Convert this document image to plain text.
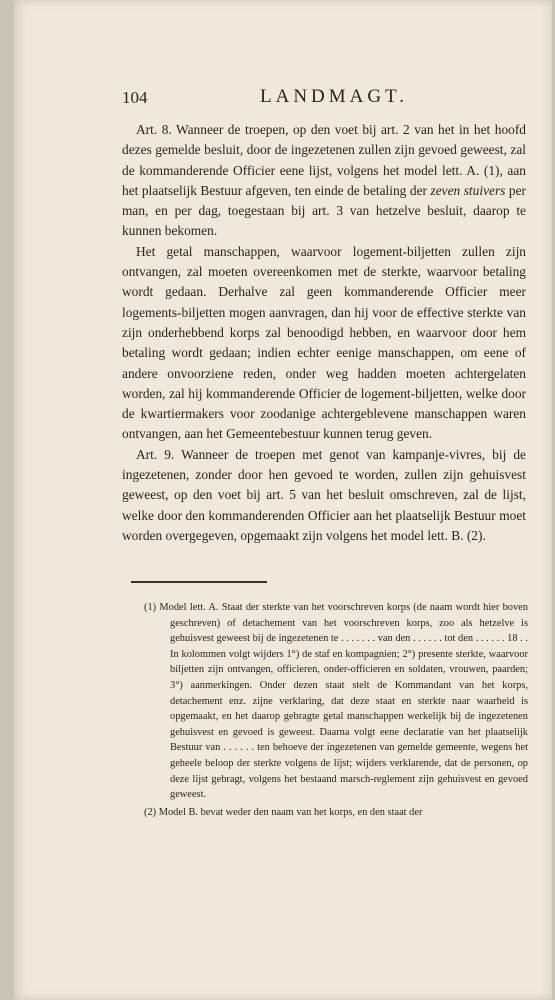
104	LANDMAGT.

Art. 8. Wanneer de troepen, op den voet bij art. 2 van het in het hoofd dezes gemelde besluit, door de ingezetenen zullen zijn gevoed geweest, zal de kommanderende Officier eene lijst, volgens het model lett. A. (1), aan het plaatselijk Bestuur afgeven, ten einde de betaling der zeven stuivers per man, en per dag, toegestaan bij art. 3 van hetzelve besluit, daarop te kunnen bekomen.

Het getal manschappen, waarvoor logement-biljetten zullen zijn ontvangen, zal moeten overeenkomen met de sterkte, waarvoor betaling wordt gedaan. Derhalve zal geen kommanderende Officier meer logements-biljetten mogen aanvragen, dan hij voor de effective sterkte van zijn onderhebbend korps zal benoodigd hebben, en waarvoor door hem betaling wordt gedaan; indien echter eenige manschappen, om eene of andere onvoorziene reden, onder weg hadden moeten achtergelaten worden, zal hij kommanderende Officier de logement-biljetten, welke door de kwartiermakers voor zoodanige achtergeblevene manschappen waren ontvangen, aan het Gemeentebestuur kunnen terug geven.

Art. 9. Wanneer de troepen met genot van kampanje-vivres, bij de ingezetenen, zonder door hen gevoed te worden, zullen zijn gehuisvest geweest, op den voet bij art. 5 van het besluit omschreven, zal de lijst, welke door den kommanderenden Officier aan het plaatselijk Bestuur moet worden overgegeven, opgemaakt zijn volgens het model lett. B. (2).

(1) Model lett. A. Staat der sterkte van het voorschreven korps (de naam wordt hier boven geschreven) of detachement van het voorschreven korps, zoo als hetzelve is gehuisvest geweest bij de ingezetenen te . . . . . . . van den . . . . . . tot den . . . . . . 18 . . In kolommen volgt wijders 1°) de staf en kompagnien; 2°) presente sterkte, waarvoor biljetten zijn ontvangen, officieren, onder-officieren en soldaten, vrouwen, paarden; 3°) aanmerkingen. Onder dezen staat stelt de Kommandant van het korps, detachement enz. zijne verklaring, dat deze staat en sterkte naar waarheid is opgemaakt, en het daarop gebragte getal manschappen werkelijk bij de ingezetenen gehuisvest en gevoed is geweest. Daarna volgt eene declaratie van het plaatselijk Bestuur van . . . . . . ten behoeve der ingezetenen van gemelde gemeente, wegens het geheele beloop der sterkte volgens de lijst; wijders verklarende, dat de personen, op deze lijst gebragt, volgens het bestaand marsch-reglement zijn gehuisvest en gevoed geweest.

(2) Model B. bevat weder den naam van het korps, en den staat der
